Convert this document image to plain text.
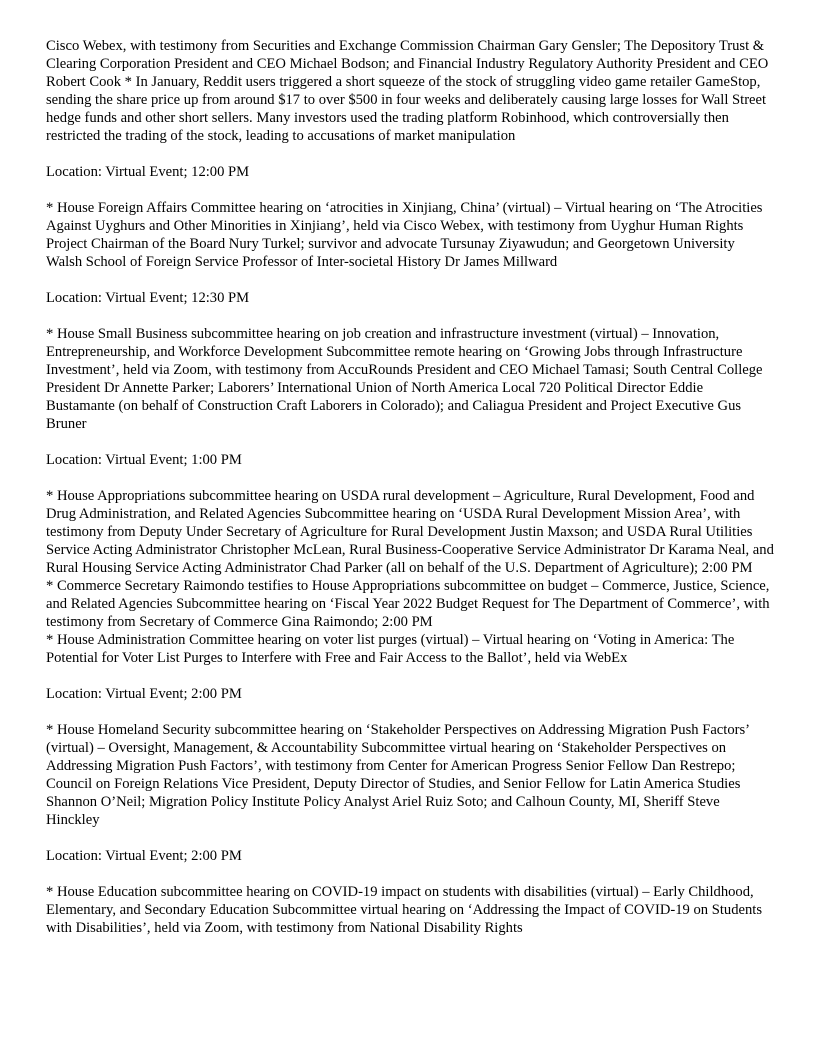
Cisco Webex, with testimony from Securities and Exchange Commission Chairman Gary Gensler; The Depository Trust & Clearing Corporation President and CEO Michael Bodson; and Financial Industry Regulatory Authority President and CEO Robert Cook * In January, Reddit users triggered a short squeeze of the stock of struggling video game retailer GameStop, sending the share price up from around $17 to over $500 in four weeks and deliberately causing large losses for Wall Street hedge funds and other short sellers. Many investors used the trading platform Robinhood, which controversially then restricted the trading of the stock, leading to accusations of market manipulation

Location: Virtual Event; 12:00 PM

* House Foreign Affairs Committee hearing on ‘atrocities in Xinjiang, China’ (virtual) – Virtual hearing on ‘The Atrocities Against Uyghurs and Other Minorities in Xinjiang’, held via Cisco Webex, with testimony from Uyghur Human Rights Project Chairman of the Board Nury Turkel; survivor and advocate Tursunay Ziyawudun; and Georgetown University Walsh School of Foreign Service Professor of Inter-societal History Dr James Millward

Location: Virtual Event; 12:30 PM

* House Small Business subcommittee hearing on job creation and infrastructure investment (virtual) – Innovation, Entrepreneurship, and Workforce Development Subcommittee remote hearing on ‘Growing Jobs through Infrastructure Investment’, held via Zoom, with testimony from AccuRounds President and CEO Michael Tamasi; South Central College President Dr Annette Parker; Laborers’ International Union of North America Local 720 Political Director Eddie Bustamante (on behalf of Construction Craft Laborers in Colorado); and Caliagua President and Project Executive Gus Bruner

Location: Virtual Event; 1:00 PM

* House Appropriations subcommittee hearing on USDA rural development – Agriculture, Rural Development, Food and Drug Administration, and Related Agencies Subcommittee hearing on ‘USDA Rural Development Mission Area’, with testimony from Deputy Under Secretary of Agriculture for Rural Development Justin Maxson; and USDA Rural Utilities Service Acting Administrator Christopher McLean, Rural Business-Cooperative Service Administrator Dr Karama Neal, and Rural Housing Service Acting Administrator Chad Parker (all on behalf of the U.S. Department of Agriculture); 2:00 PM

* Commerce Secretary Raimondo testifies to House Appropriations subcommittee on budget – Commerce, Justice, Science, and Related Agencies Subcommittee hearing on ‘Fiscal Year 2022 Budget Request for The Department of Commerce’, with testimony from Secretary of Commerce Gina Raimondo; 2:00 PM

* House Administration Committee hearing on voter list purges (virtual) – Virtual hearing on ‘Voting in America: The Potential for Voter List Purges to Interfere with Free and Fair Access to the Ballot’, held via WebEx

Location: Virtual Event; 2:00 PM

* House Homeland Security subcommittee hearing on ‘Stakeholder Perspectives on Addressing Migration Push Factors’ (virtual) – Oversight, Management, & Accountability Subcommittee virtual hearing on ‘Stakeholder Perspectives on Addressing Migration Push Factors’, with testimony from Center for American Progress Senior Fellow Dan Restrepo; Council on Foreign Relations Vice President, Deputy Director of Studies, and Senior Fellow for Latin America Studies Shannon O’Neil; Migration Policy Institute Policy Analyst Ariel Ruiz Soto; and Calhoun County, MI, Sheriff Steve Hinckley

Location: Virtual Event; 2:00 PM

* House Education subcommittee hearing on COVID-19 impact on students with disabilities (virtual) – Early Childhood, Elementary, and Secondary Education Subcommittee virtual hearing on ‘Addressing the Impact of COVID-19 on Students with Disabilities’, held via Zoom, with testimony from National Disability Rights
